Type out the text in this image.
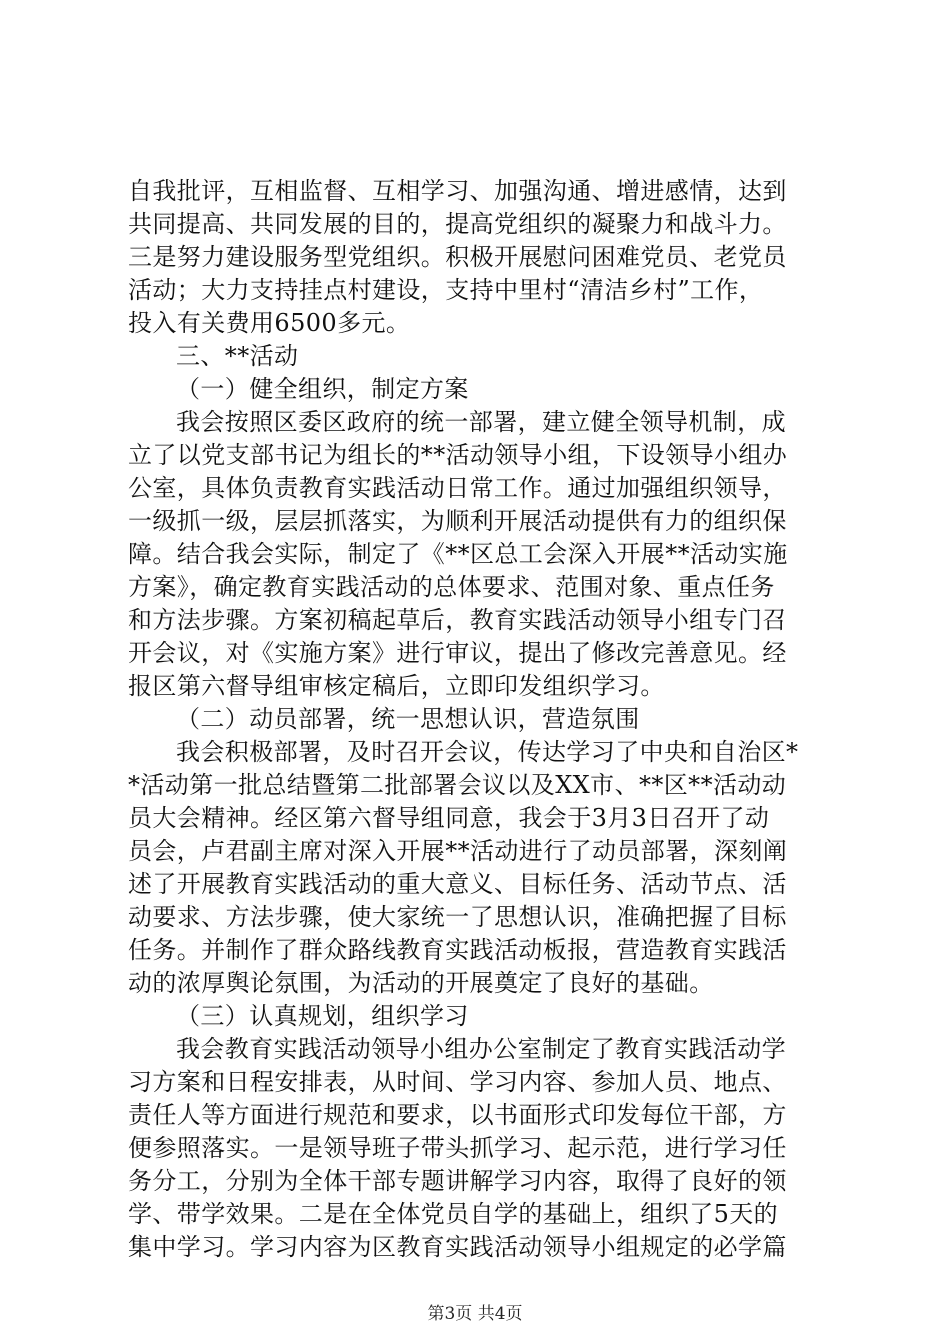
自我批评，互相监督、互相学习、加强沟通、增进感情，达到
共同提高、共同发展的目的，提高党组织的凝聚力和战斗力。
三是努力建设服务型党组织。积极开展慰问困难党员、老党员
活动；大力支持挂点村建设，支持中里村“清洁乡村”工作，
投入有关费用6500多元。
三、**活动
（一）健全组织，制定方案
我会按照区委区政府的统一部署，建立健全领导机制，成
立了以党支部书记为组长的**活动领导小组，下设领导小组办
公室，具体负责教育实践活动日常工作。通过加强组织领导，
一级抓一级，层层抓落实，为顺利开展活动提供有力的组织保
障。结合我会实际，制定了《**区总工会深入开展**活动实施
方案》，确定教育实践活动的总体要求、范围对象、重点任务
和方法步骤。方案初稿起草后，教育实践活动领导小组专门召
开会议，对《实施方案》进行审议，提出了修改完善意见。经
报区第六督导组审核定稿后，立即印发组织学习。
（二）动员部署，统一思想认识，营造氛围
我会积极部署，及时召开会议，传达学习了中央和自治区*
*活动第一批总结暨第二批部署会议以及XX市、**区**活动动
员大会精神。经区第六督导组同意，我会于3月3日召开了动
员会，卢君副主席对深入开展**活动进行了动员部署，深刻阐
述了开展教育实践活动的重大意义、目标任务、活动节点、活
动要求、方法步骤，使大家统一了思想认识，准确把握了目标
任务。并制作了群众路线教育实践活动板报，营造教育实践活
动的浓厚舆论氛围，为活动的开展奠定了良好的基础。
（三）认真规划，组织学习
我会教育实践活动领导小组办公室制定了教育实践活动学
习方案和日程安排表，从时间、学习内容、参加人员、地点、
责任人等方面进行规范和要求，以书面形式印发每位干部，方
便参照落实。一是领导班子带头抓学习、起示范，进行学习任
务分工，分别为全体干部专题讲解学习内容，取得了良好的领
学、带学效果。二是在全体党员自学的基础上，组织了5天的
集中学习。学习内容为区教育实践活动领导小组规定的必学篇
第3页 共4页
